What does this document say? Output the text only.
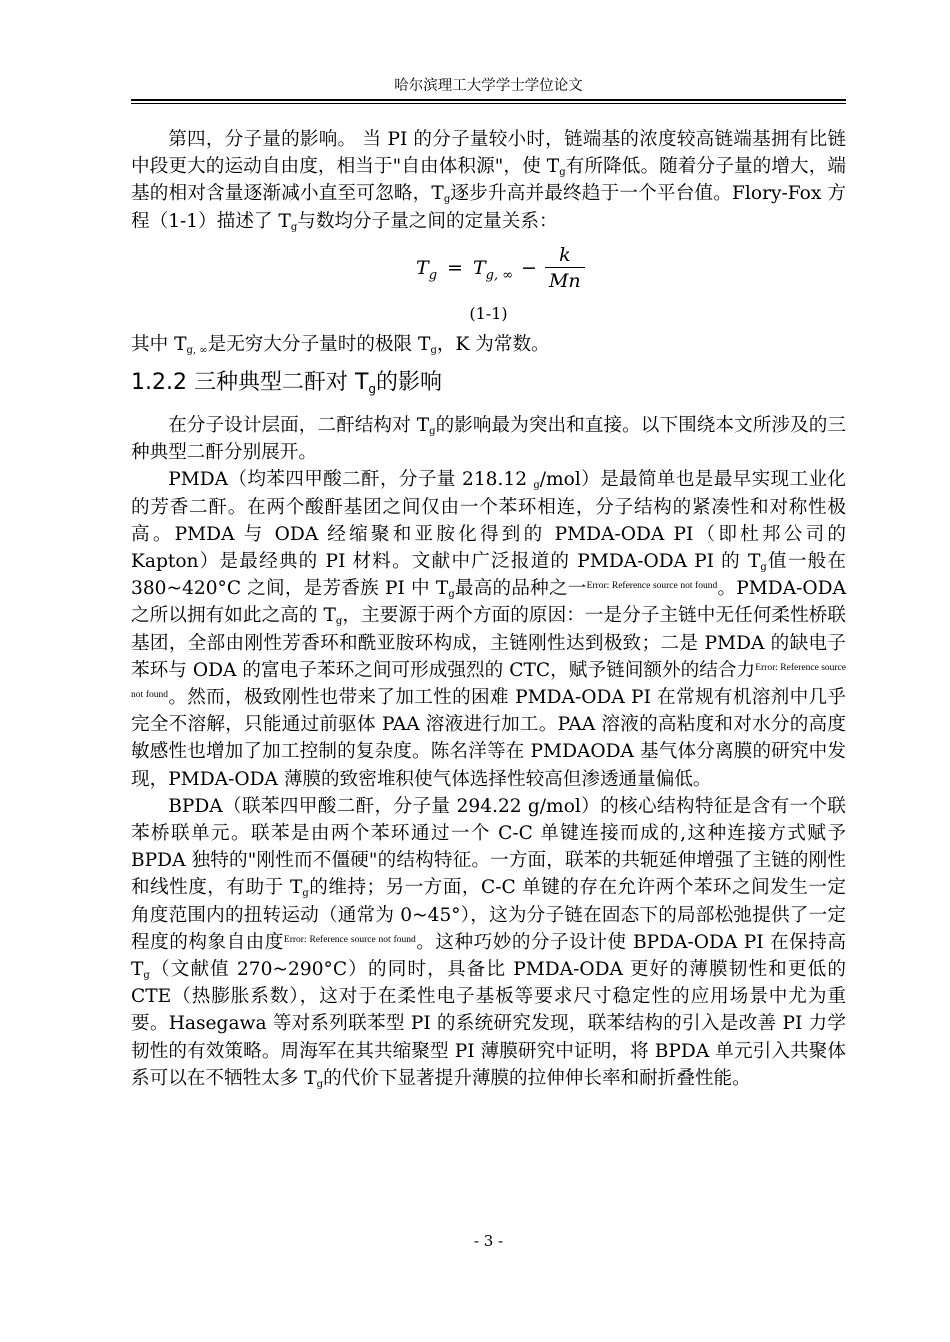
哈尔滨理工大学学士学位论文

第四，分子量的影响。 当 PI 的分子量较小时，链端基的浓度较高链端基拥有比链中段更大的运动自由度，相当于"自由体积源"，使 $T_g$有所降低。随着分子量的增大，端基的相对含量逐渐减小直至可忽略，$T_g$逐步升高并最终趋于一个平台值。Flory-Fox 方程（1-1）描述了 $T_g$与数均分子量之间的定量关系：

$T_g = T_{g, \infty} - \frac{k}{Mn}$
(1-1)

其中 $T_{g, \infty}$是无穷大分子量时的极限 $T_g$，K 为常数。

1.2.2 三种典型二酐对 $T_g$的影响

在分子设计层面，二酐结构对 $T_g$的影响最为突出和直接。以下围绕本文所涉及的三种典型二酐分别展开。

PMDA（均苯四甲酸二酐，分子量 218.12 $_g$/mol）是最简单也是最早实现工业化的芳香二酐。在两个酸酐基团之间仅由一个苯环相连，分子结构的紧凑性和对称性极高。PMDA 与 ODA 经缩聚和亚胺化得到的 PMDA-ODA PI（即杜邦公司的 Kapton）是最经典的 PI 材料。文献中广泛报道的 PMDA-ODA PI 的 $T_g$值一般在 380~420°C 之间，是芳香族 PI 中 $T_g$最高的品种之一$^{Error: Reference source not found}$。PMDA-ODA 之所以拥有如此之高的 $T_g$，主要源于两个方面的原因：一是分子主链中无任何柔性桥联基团，全部由刚性芳香环和酰亚胺环构成，主链刚性达到极致；二是 PMDA 的缺电子苯环与 ODA 的富电子苯环之间可形成强烈的 CTC，赋予链间额外的结合力$^{Error: Reference source not found}$。然而，极致刚性也带来了加工性的困难 PMDA-ODA PI 在常规有机溶剂中几乎完全不溶解，只能通过前驱体 PAA 溶液进行加工。PAA 溶液的高粘度和对水分的高度敏感性也增加了加工控制的复杂度。陈名洋等在 PMDAODA 基气体分离膜的研究中发现，PMDA-ODA 薄膜的致密堆积使气体选择性较高但渗透通量偏低。

BPDA（联苯四甲酸二酐，分子量 294.22 g/mol）的核心结构特征是含有一个联苯桥联单元。联苯是由两个苯环通过一个 C-C 单键连接而成的,这种连接方式赋予 BPDA 独特的"刚性而不僵硬"的结构特征。一方面，联苯的共轭延伸增强了主链的刚性和线性度，有助于 $T_g$的维持；另一方面，C-C 单键的存在允许两个苯环之间发生一定角度范围内的扭转运动（通常为 0~45°），这为分子链在固态下的局部松弛提供了一定程度的构象自由度$^{Error: Reference source not found}$。这种巧妙的分子设计使 BPDA-ODA PI 在保持高 $T_g$（文献值 270~290°C）的同时，具备比 PMDA-ODA 更好的薄膜韧性和更低的 CTE（热膨胀系数），这对于在柔性电子基板等要求尺寸稳定性的应用场景中尤为重要。Hasegawa 等对系列联苯型 PI 的系统研究发现，联苯结构的引入是改善 PI 力学韧性的有效策略。周海军在其共缩聚型 PI 薄膜研究中证明，将 BPDA 单元引入共聚体系可以在不牺牲太多 $T_g$的代价下显著提升薄膜的拉伸伸长率和耐折叠性能。

- 3 -
